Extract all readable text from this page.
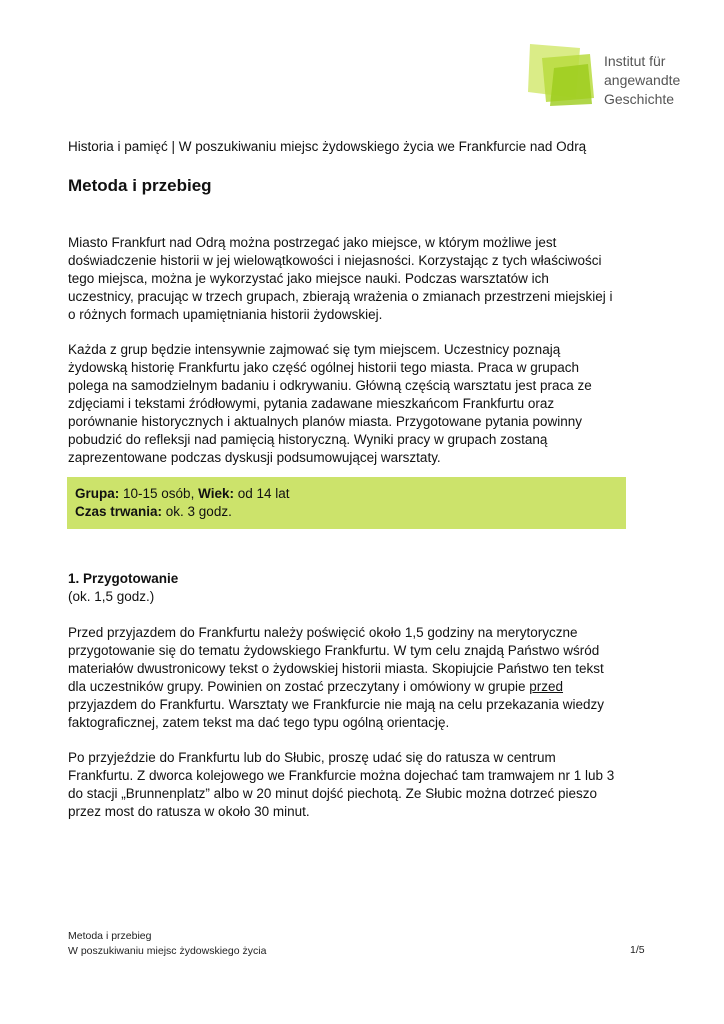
Institut für
angewandte
Geschichte
Historia i pamięć | W poszukiwaniu miejsc żydowskiego życia we Frankfurcie nad Odrą
Metoda i przebieg

Miasto Frankfurt nad Odrą można postrzegać jako miejsce, w którym możliwe jest doświadczenie historii w jej wielowątkowości i niejasności. Korzystając z tych właściwości tego miejsca, można je wykorzystać jako miejsce nauki. Podczas warsztatów ich uczestnicy, pracując w trzech grupach, zbierają wrażenia o zmianach przestrzeni miejskiej i o różnych formach upamiętniania historii żydowskiej.

Każda z grup będzie intensywnie zajmować się tym miejscem. Uczestnicy poznają żydowską historię Frankfurtu jako część ogólnej historii tego miasta. Praca w grupach polega na samodzielnym badaniu i odkrywaniu. Główną częścią warsztatu jest praca ze zdjęciami i tekstami źródłowymi, pytania zadawane mieszkańcom Frankfurtu oraz porównanie historycznych i aktualnych planów miasta. Przygotowane pytania powinny pobudzić do refleksji nad pamięcią historyczną. Wyniki pracy w grupach zostaną zaprezentowane podczas dyskusji podsumowującej warsztaty.

Grupa: 10-15 osób, Wiek: od 14 lat
Czas trwania: ok. 3 godz.
1. Przygotowanie
(ok. 1,5 godz.)

Przed przyjazdem do Frankfurtu należy poświęcić około 1,5 godziny na merytoryczne przygotowanie się do tematu żydowskiego Frankfurtu. W tym celu znajdą Państwo wśród materiałów dwustronicowy tekst o żydowskiej historii miasta. Skopiujcie Państwo ten tekst dla uczestników grupy. Powinien on zostać przeczytany i omówiony w grupie przed przyjazdem do Frankfurtu. Warsztaty we Frankfurcie nie mają na celu przekazania wiedzy faktograficznej, zatem tekst ma dać tego typu ogólną orientację.

Po przyjeździe do Frankfurtu lub do Słubic, proszę udać się do ratusza w centrum Frankfurtu. Z dworca kolejowego we Frankfurcie można dojechać tam tramwajem nr 1 lub 3 do stacji „Brunnenplatz” albo w 20 minut dojść piechotą. Ze Słubic można dotrzeć pieszo przez most do ratusza w około 30 minut.

Metoda i przebieg
W poszukiwaniu miejsc żydowskiego życia	1/5
